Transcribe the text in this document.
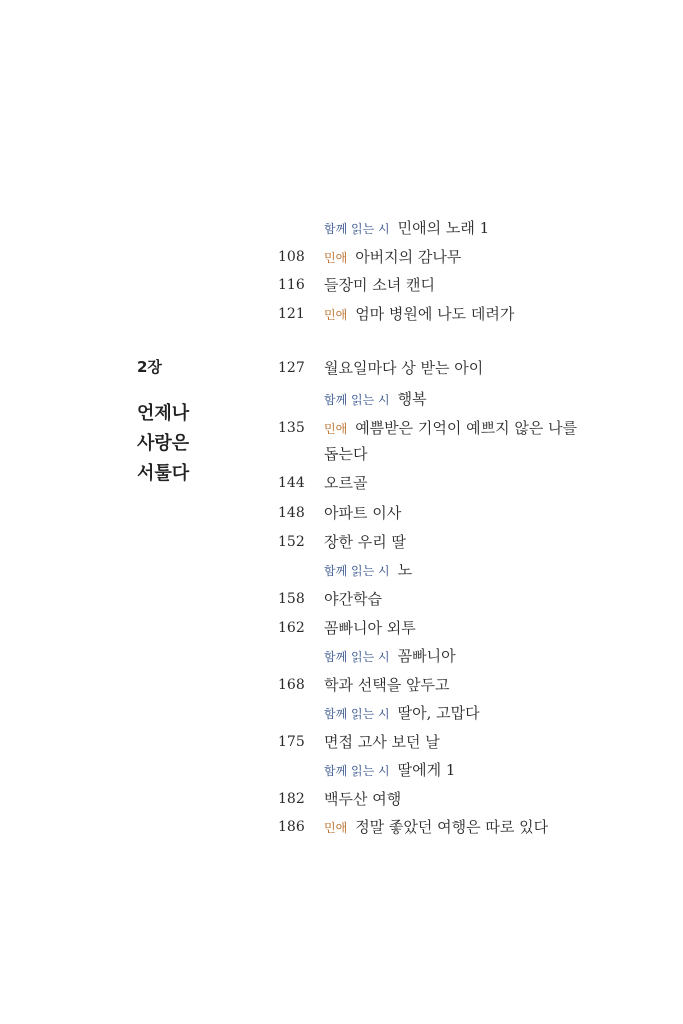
2장
언제나
사랑은
서툴다
함께 읽는 시 민애의 노래 1
108 민애 아버지의 감나무
116 들장미 소녀 캔디
121 민애 엄마 병원에 나도 데려가
127 월요일마다 상 받는 아이
함께 읽는 시 행복
135 민애 예쁨받은 기억이 예쁘지 않은 나를 돕는다
144 오르골
148 아파트 이사
152 장한 우리 딸
함께 읽는 시 노
158 야간학습
162 꼼빠니아 외투
함께 읽는 시 꼼빠니아
168 학과 선택을 앞두고
함께 읽는 시 딸아, 고맙다
175 면접 고사 보던 날
함께 읽는 시 딸에게 1
182 백두산 여행
186 민애 정말 좋았던 여행은 따로 있다
